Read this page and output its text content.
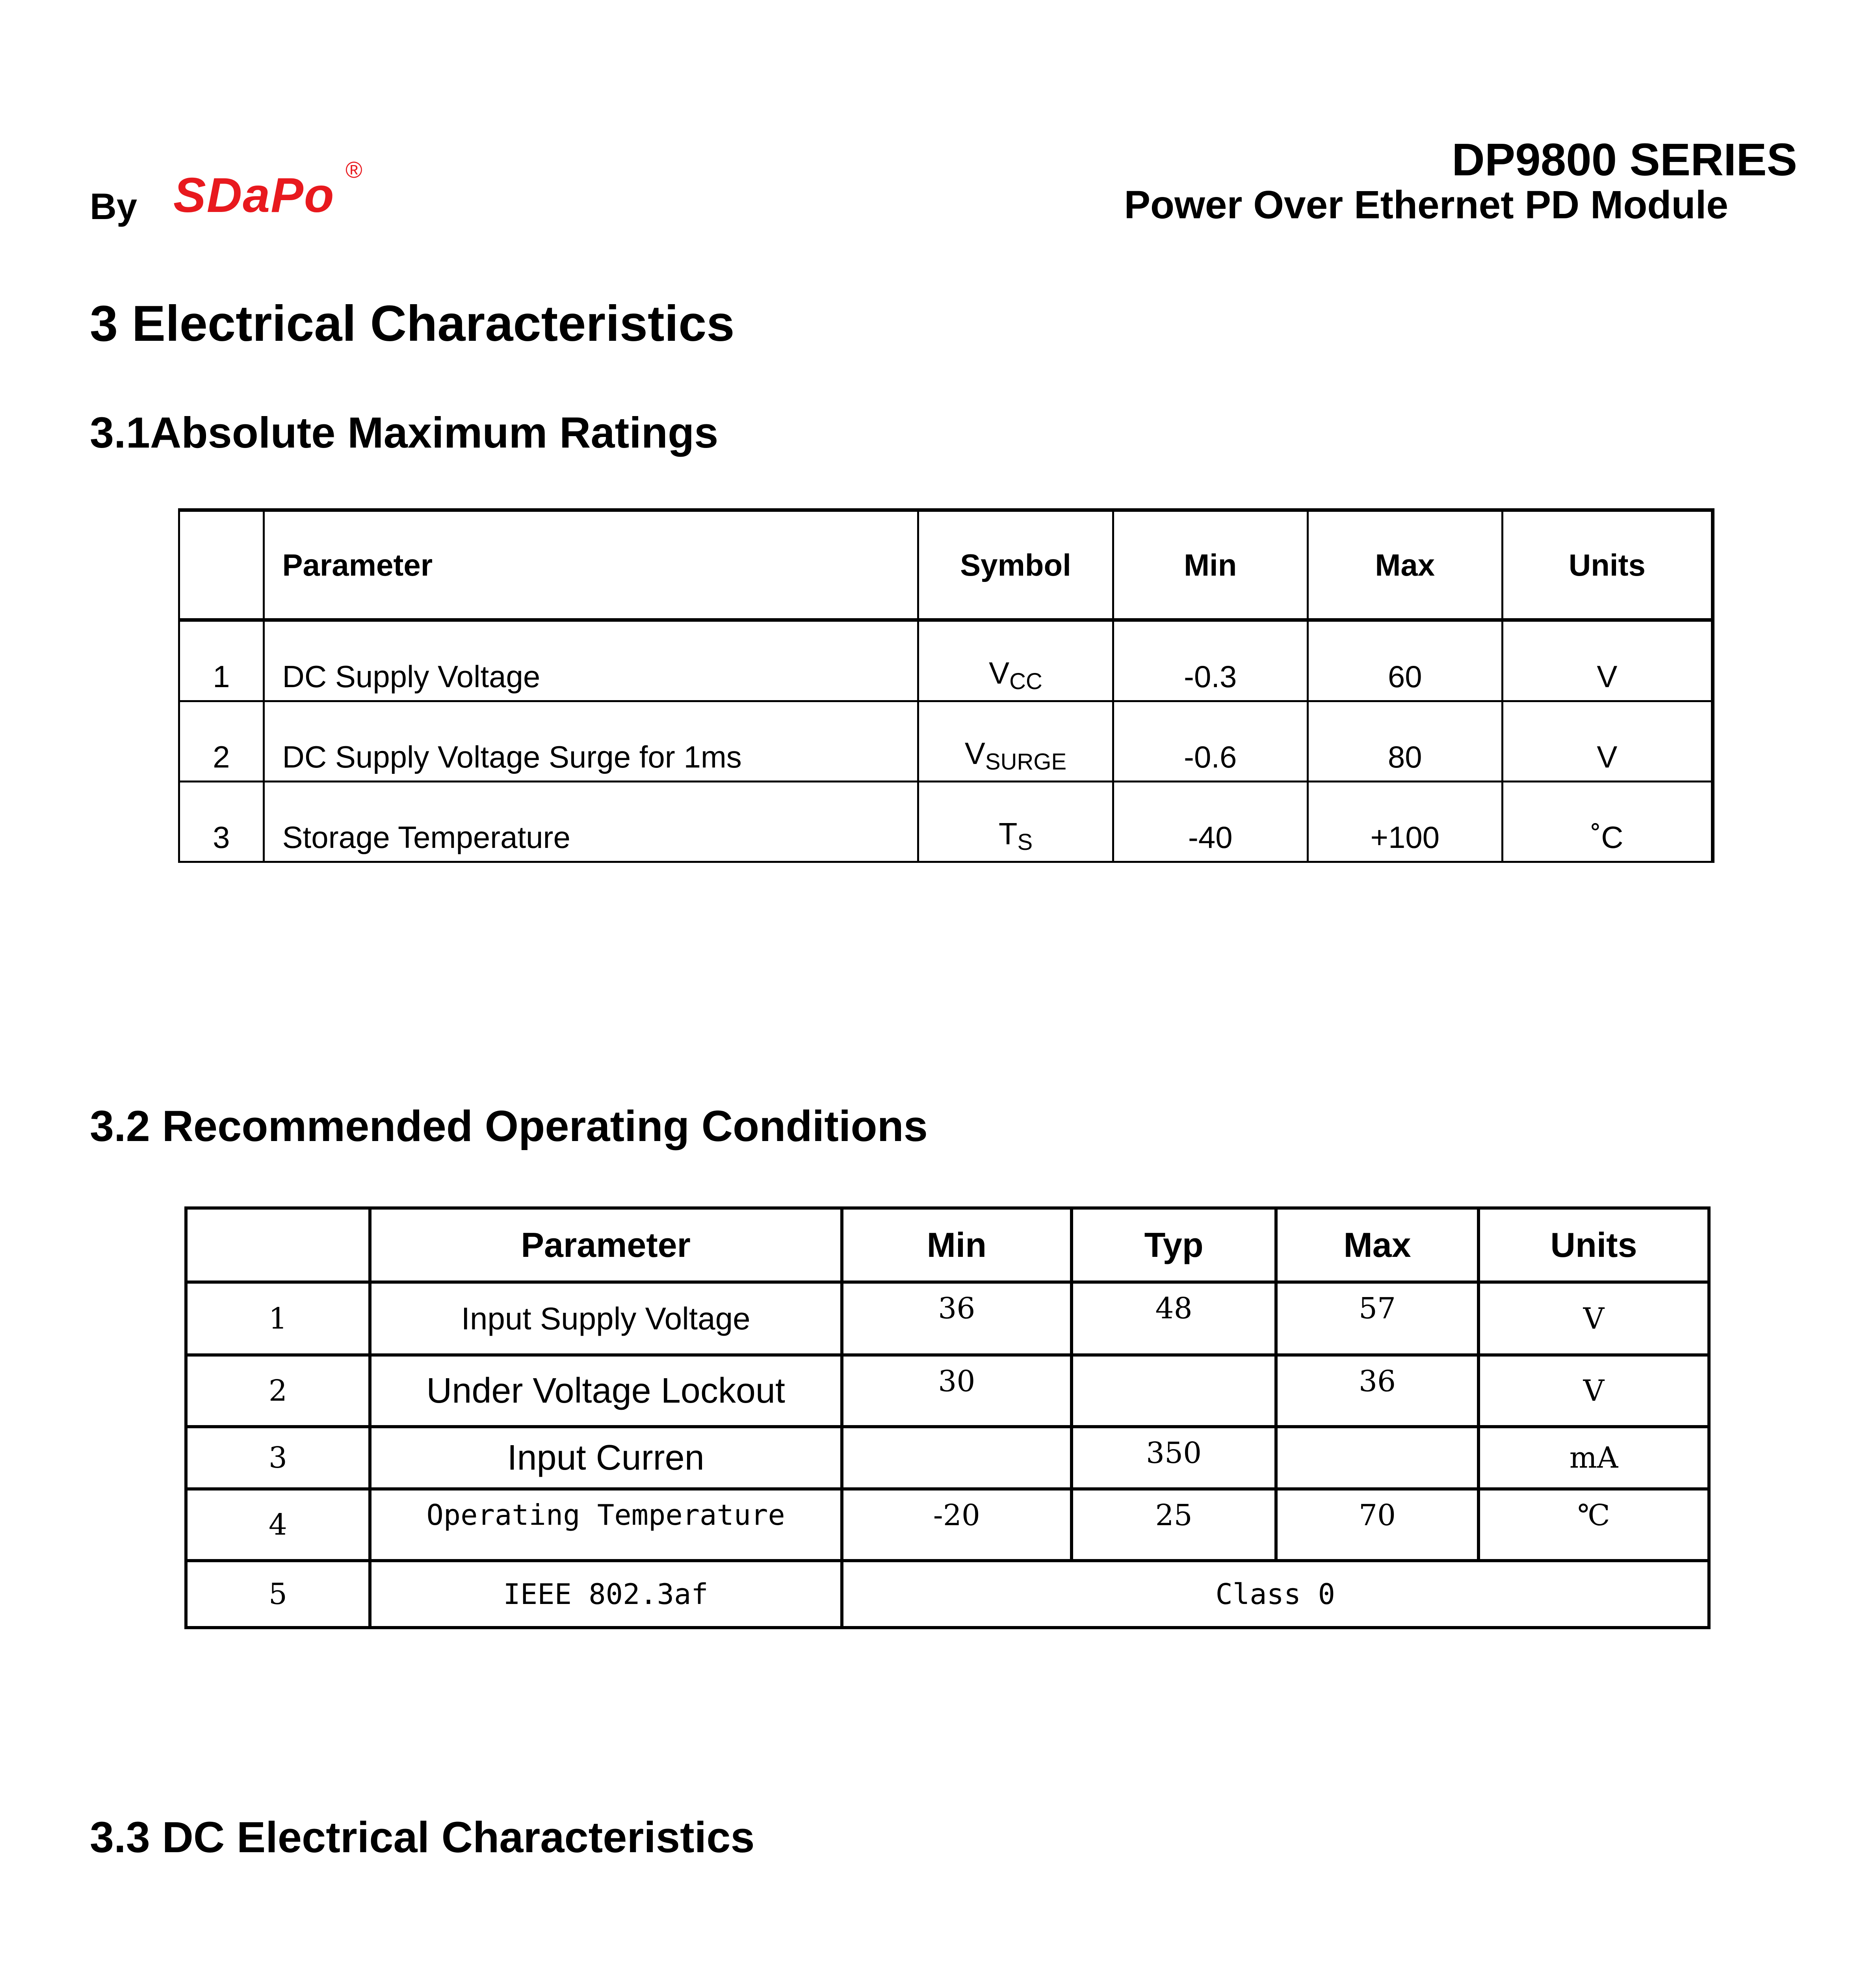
By SDaPo ®	DP9800 SERIES
Power Over Ethernet PD Module
3 Electrical Characteristics
3.1Absolute Maximum Ratings
	Parameter	Symbol	Min	Max	Units
1	DC Supply Voltage	$V_{CC}$	-0.3	60	V
2	DC Supply Voltage Surge for 1ms	$V_{SURGE}$	-0.6	80	V
3	Storage Temperature	$T_S$	-40	+100	˚C
3.2 Recommended Operating Conditions
	Parameter	Min	Typ	Max	Units
1	Input Supply Voltage	36	48	57	V
2	Under Voltage Lockout	30		36	V
3	Input Curren		350		mA
4	Operating Temperature	-20	25	70	℃
5	IEEE 802.3af	Class 0			
3.3 DC Electrical Characteristics
